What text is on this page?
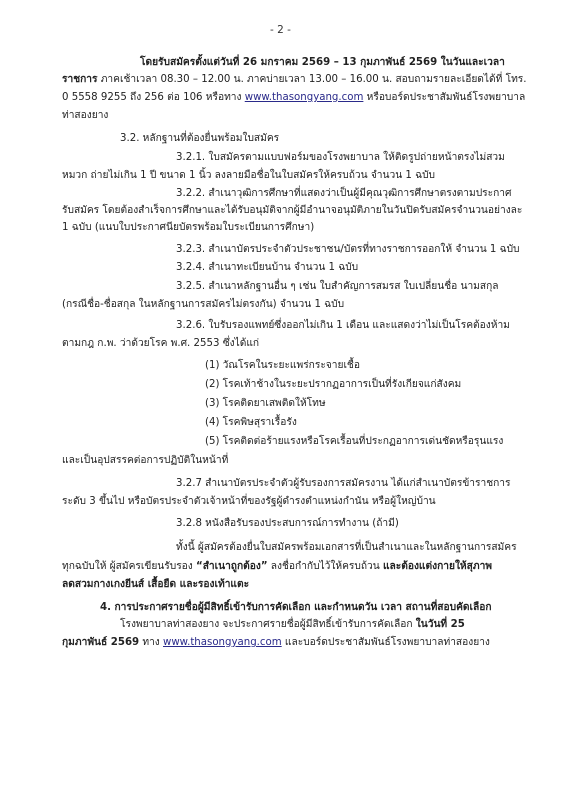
- 2 -
โดยรับสมัครตั้งแต่วันที่ 26 มกราคม 2569 – 13 กุมภาพันธ์ 2569 ในวันและเวลา
ราชการ ภาคเช้าเวลา 08.30 – 12.00 น. ภาคบ่ายเวลา 13.00 – 16.00 น. สอบถามรายละเอียดได้ที่ โทร.
0 5558 9255 ถึง 256 ต่อ 106 หรือทาง www.thasongyang.com หรือบอร์ดประชาสัมพันธ์โรงพยาบาล
ท่าสองยาง
3.2. หลักฐานที่ต้องยื่นพร้อมใบสมัคร
3.2.1. ใบสมัครตามแบบฟอร์มของโรงพยาบาล ให้ติดรูปถ่ายหน้าตรงไม่สวม
หมวก ถ่ายไม่เกิน 1 ปี ขนาด 1 นิ้ว ลงลายมือชื่อในใบสมัครให้ครบถ้วน จำนวน 1 ฉบับ
3.2.2. สำเนาวุฒิการศึกษาที่แสดงว่าเป็นผู้มีคุณวุฒิการศึกษาตรงตามประกาศ
รับสมัคร โดยต้องสำเร็จการศึกษาและได้รับอนุมัติจากผู้มีอำนาจอนุมัติภายในวันปิดรับสมัครจำนวนอย่างละ
1 ฉบับ (แนบใบประกาศนียบัตรพร้อมใบระเบียนการศึกษา)
3.2.3. สำเนาบัตรประจำตัวประชาชน/บัตรที่ทางราชการออกให้ จำนวน 1 ฉบับ
3.2.4. สำเนาทะเบียนบ้าน จำนวน 1 ฉบับ
3.2.5. สำเนาหลักฐานอื่น ๆ เช่น ใบสำคัญการสมรส ใบเปลี่ยนชื่อ นามสกุล
(กรณีชื่อ-ชื่อสกุล ในหลักฐานการสมัครไม่ตรงกัน) จำนวน 1 ฉบับ
3.2.6. ใบรับรองแพทย์ซึ่งออกไม่เกิน 1 เดือน และแสดงว่าไม่เป็นโรคต้องห้าม
ตามกฎ ก.พ. ว่าด้วยโรค พ.ศ. 2553 ซึ่งได้แก่
(1) วัณโรคในระยะแพร่กระจายเชื้อ
(2) โรคเท้าช้างในระยะปรากฏอาการเป็นที่รังเกียจแก่สังคม
(3) โรคติดยาเสพติดให้โทษ
(4) โรคพิษสุราเรื้อรัง
(5) โรคติดต่อร้ายแรงหรือโรคเรื้อนที่ประกฏอาการเด่นชัดหรือรุนแรง
และเป็นอุปสรรคต่อการปฏิบัติในหน้าที่
3.2.7 สำเนาบัตรประจำตัวผู้รับรองการสมัครงาน ได้แก่สำเนาบัตรข้าราชการ
ระดับ 3 ขึ้นไป หรือบัตรประจำตัวเจ้าหน้าที่ของรัฐผู้ดำรงตำแหน่งกำนัน หรือผู้ใหญ่บ้าน
3.2.8 หนังสือรับรองประสบการณ์การทำงาน (ถ้ามี)
ทั้งนี้ ผู้สมัครต้องยื่นใบสมัครพร้อมเอกสารที่เป็นสำเนาและในหลักฐานการสมัคร
ทุกฉบับให้ ผู้สมัครเขียนรับรอง “สำเนาถูกต้อง” ลงชื่อกำกับไว้ให้ครบถ้วน และต้องแต่งกายให้สุภาพ
ลดสวมกางเกงยีนส์ เสื้อยืด และรองเท้าแตะ
4. การประกาศรายชื่อผู้มีสิทธิ์เข้ารับการคัดเลือก และกำหนดวัน เวลา สถานที่สอบคัดเลือก
โรงพยาบาลท่าสองยาง จะประกาศรายชื่อผู้มีสิทธิ์เข้ารับการคัดเลือก ในวันที่ 25
กุมภาพันธ์ 2569 ทาง www.thasongyang.com และบอร์ดประชาสัมพันธ์โรงพยาบาลท่าสองยาง
